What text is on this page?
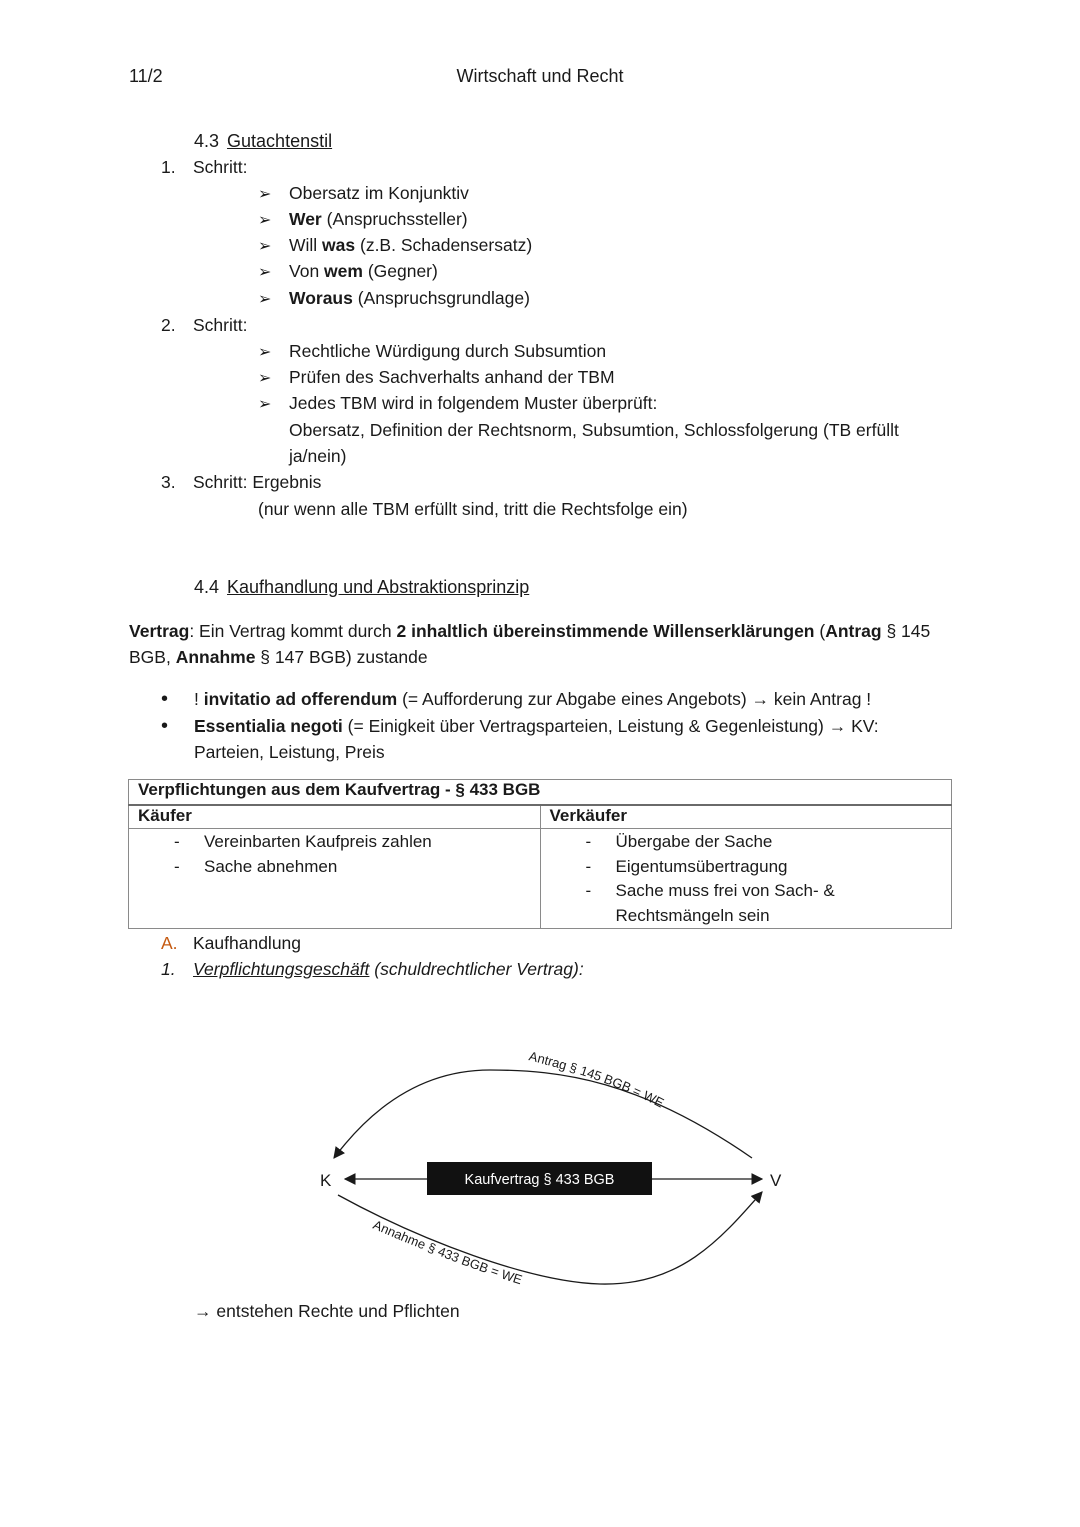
11/2	Wirtschaft und Recht
4.3 Gutachtenstil
1. Schritt:
➢ Obersatz im Konjunktiv
➢ Wer (Anspruchssteller)
➢ Will was (z.B. Schadensersatz)
➢ Von wem (Gegner)
➢ Woraus (Anspruchsgrundlage)
2. Schritt:
➢ Rechtliche Würdigung durch Subsumtion
➢ Prüfen des Sachverhalts anhand der TBM
➢ Jedes TBM wird in folgendem Muster überprüft:
Obersatz, Definition der Rechtsnorm, Subsumtion, Schlossfolgerung (TB erfüllt
ja/nein)
3. Schritt: Ergebnis
(nur wenn alle TBM erfüllt sind, tritt die Rechtsfolge ein)
4.4 Kaufhandlung und Abstraktionsprinzip
Vertrag: Ein Vertrag kommt durch 2 inhaltlich übereinstimmende Willenserklärungen (Antrag § 145 BGB, Annahme § 147 BGB) zustande
• ! invitatio ad offerendum (= Aufforderung zur Abgabe eines Angebots) → kein Antrag !
• Essentialia negoti (= Einigkeit über Vertragsparteien, Leistung & Gegenleistung) → KV: Parteien, Leistung, Preis
Verpflichtungen aus dem Kaufvertrag - § 433 BGB	
Käufer	Verkäufer

- Vereinbarten Kaufpreis zahlen
- Sache abnehmen

- Übergabe der Sache
- Eigentumsübertragung
- Sache muss frei von Sach- & Rechtsmängeln sein
A. Kaufhandlung
1. Verpflichtungsgeschäft (schuldrechtlicher Vertrag):
Kaufvertrag § 433 BGB
K	V
Antrag § 145 BGB = WE
Annahme § 433 BGB = WE
→ entstehen Rechte und Pflichten
